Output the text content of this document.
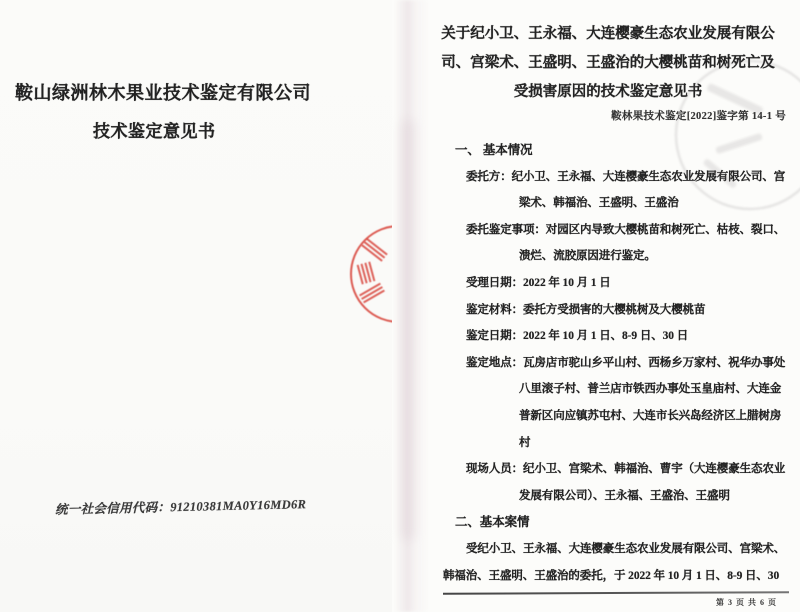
鞍山绿洲林木果业技术鉴定有限公司
技术鉴定意见书
统一社会信用代码：91210381MA0Y16MD6R
关于纪小卫、王永福、大连樱豪生态农业发展有限公
司、宫梁术、王盛明、王盛治的大樱桃苗和树死亡及
受损害原因的技术鉴定意见书
鞍林果技术鉴定[2022]鉴字第 14-1 号
一、 基本情况
委托方：纪小卫、王永福、大连樱豪生态农业发展有限公司、宫
梁术、韩福治、王盛明、王盛治
委托鉴定事项：对园区内导致大樱桃苗和树死亡、枯枝、裂口、
溃烂、流胶原因进行鉴定。
受理日期：2022 年 10 月 1 日
鉴定材料：委托方受损害的大樱桃树及大樱桃苗
鉴定日期：2022 年 10 月 1 日、8-9 日、30 日
鉴定地点：瓦房店市驼山乡平山村、西杨乡万家村、祝华办事处
八里滚子村、普兰店市铁西办事处玉皇庙村、大连金
普新区向应镇苏屯村、大连市长兴岛经济区上腊树房
村
现场人员：纪小卫、宫梁术、韩福治、曹宇（大连樱豪生态农业
发展有限公司）、王永福、王盛治、王盛明
二、基本案情
受纪小卫、王永福、大连樱豪生态农业发展有限公司、宫梁术、
韩福治、王盛明、王盛治的委托，于 2022 年 10 月 1 日、8-9 日、30
第 3 页 共 6 页
